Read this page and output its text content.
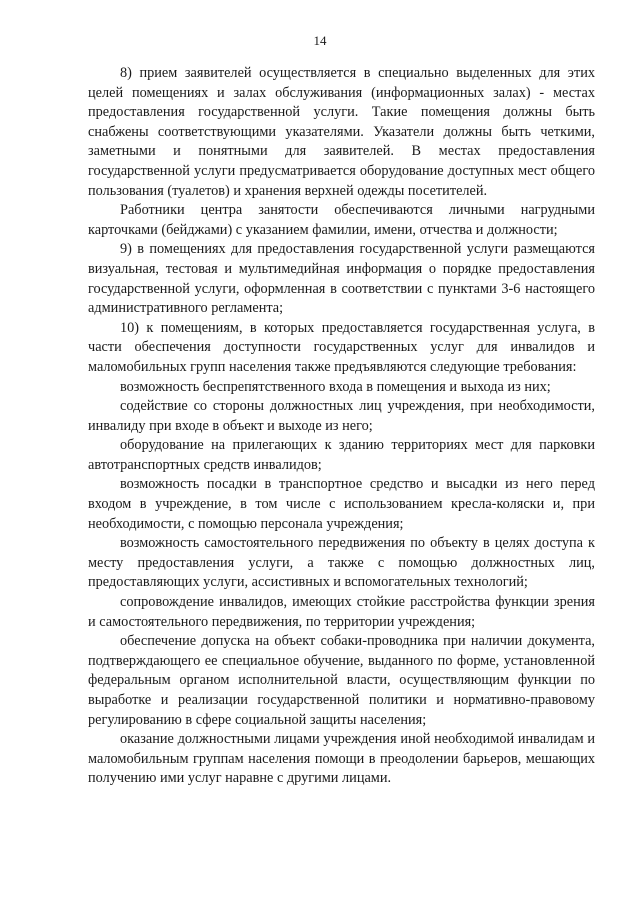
14

8) прием заявителей осуществляется в специально выделенных для этих целей помещениях и залах обслуживания (информационных залах) - местах предоставления государственной услуги. Такие помещения должны быть снабжены соответствующими указателями. Указатели должны быть четкими, заметными и понятными для заявителей. В местах предоставления государственной услуги предусматривается оборудование доступных мест общего пользования (туалетов) и хранения верхней одежды посетителей.

Работники центра занятости обеспечиваются личными нагрудными карточками (бейджами) с указанием фамилии, имени, отчества и должности;

9) в помещениях для предоставления государственной услуги размещаются визуальная, тестовая и мультимедийная информация о порядке предоставления государственной услуги, оформленная в соответствии с пунктами 3-6 настоящего административного регламента;

10) к помещениям, в которых предоставляется государственная услуга, в части обеспечения доступности государственных услуг для инвалидов и маломобильных групп населения также предъявляются следующие требования:

возможность беспрепятственного входа в помещения и выхода из них;

содействие со стороны должностных лиц учреждения, при необходимости, инвалиду при входе в объект и выходе из него;

оборудование на прилегающих к зданию территориях мест для парковки автотранспортных средств инвалидов;

возможность посадки в транспортное средство и высадки из него перед входом в учреждение, в том числе с использованием кресла-коляски и, при необходимости, с помощью персонала учреждения;

возможность самостоятельного передвижения по объекту в целях доступа к месту предоставления услуги, а также с помощью должностных лиц, предоставляющих услуги, ассистивных и вспомогательных технологий;

сопровождение инвалидов, имеющих стойкие расстройства функции зрения и самостоятельного передвижения, по территории учреждения;

обеспечение допуска на объект собаки-проводника при наличии документа, подтверждающего ее специальное обучение, выданного по форме, установленной федеральным органом исполнительной власти, осуществляющим функции по выработке и реализации государственной политики и нормативно-правовому регулированию в сфере социальной защиты населения;

оказание должностными лицами учреждения иной необходимой инвалидам и маломобильным группам населения помощи в преодолении барьеров, мешающих получению ими услуг наравне с другими лицами.
